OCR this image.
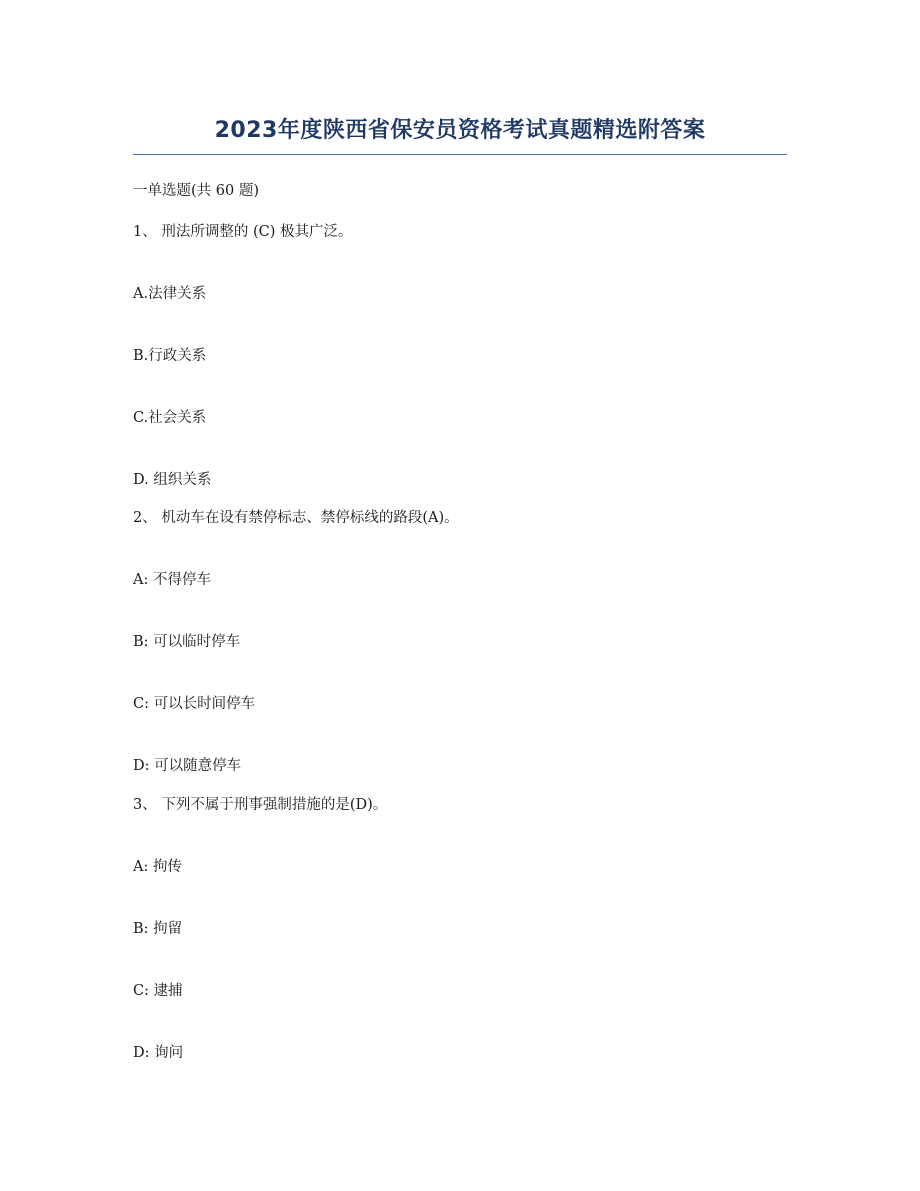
2023年度陕西省保安员资格考试真题精选附答案
一单选题(共 60 题)
1、 刑法所调整的 (C) 极其广泛。
A.法律关系
B.行政关系
C.社会关系
D. 组织关系
2、 机动车在设有禁停标志、禁停标线的路段(A)。
A: 不得停车
B: 可以临时停车
C: 可以长时间停车
D: 可以随意停车
3、 下列不属于刑事强制措施的是(D)。
A: 拘传
B: 拘留
C: 逮捕
D: 询问
